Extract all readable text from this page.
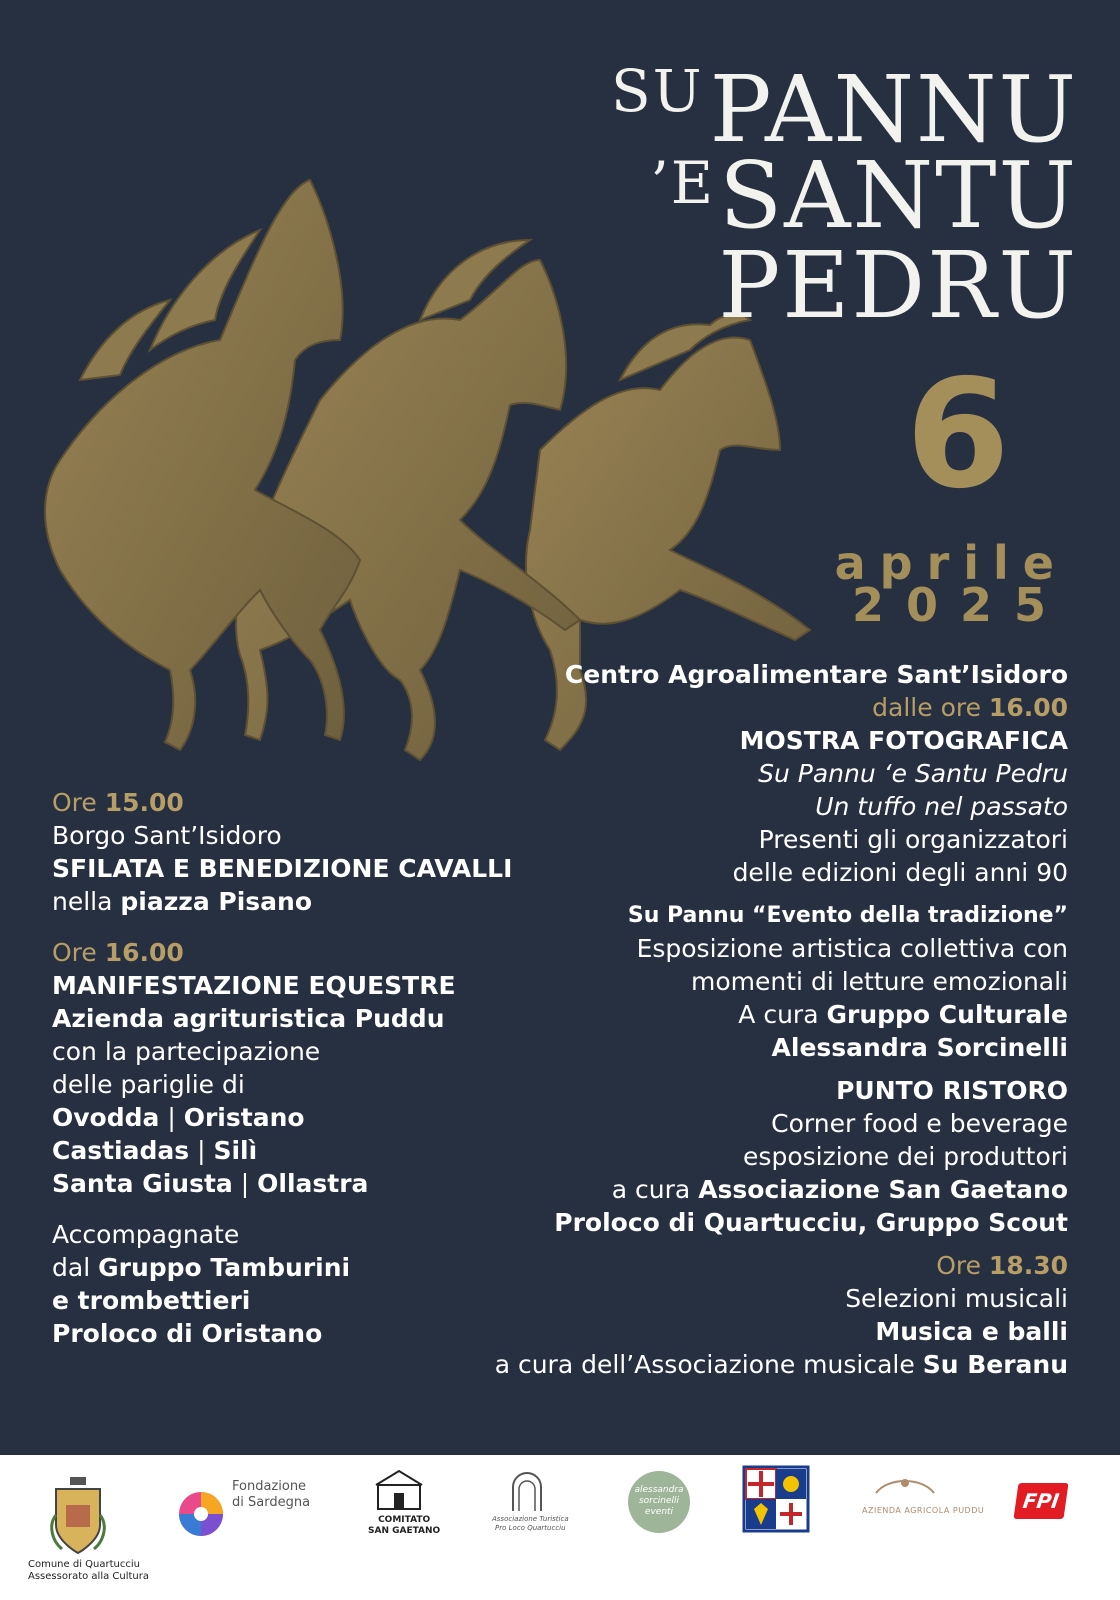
$^{SU}$PANNU
$^{’E}$SANTU
PEDRU
6
aprile
2025
Centro Agroalimentare Sant’Isidoro
dalle ore 16.00
MOSTRA FOTOGRAFICA
Su Pannu ‘e Santu Pedru
Un tuffo nel passato
Presenti gli organizzatori
delle edizioni degli anni 90
Su Pannu “Evento della tradizione”
Esposizione artistica collettiva con
momenti di letture emozionali
A cura Gruppo Culturale
Alessandra Sorcinelli
PUNTO RISTORO
Corner food e beverage
esposizione dei produttori
a cura Associazione San Gaetano
Proloco di Quartucciu, Gruppo Scout
Ore 18.30
Selezioni musicali
Musica e balli
a cura dell’Associazione musicale Su Beranu
Ore 15.00
Borgo Sant’Isidoro
SFILATA E BENEDIZIONE CAVALLI
nella piazza Pisano
Ore 16.00
MANIFESTAZIONE EQUESTRE
Azienda agrituristica Puddu
con la partecipazione
delle pariglie di
Ovodda | Oristano
Castiadas | Silì
Santa Giusta | Ollastra
Accompagnate
dal Gruppo Tamburini
e trombettieri
Proloco di Oristano
Comune di Quartucciu
Assessorato alla Cultura
Fondazione
di Sardegna
COMITATO
SAN GAETANO
Associazione Turistica
Pro Loco Quartucciu
alessandra
sorcinelli
eventi	AZIENDA AGRICOLA PUDDU	FPI
